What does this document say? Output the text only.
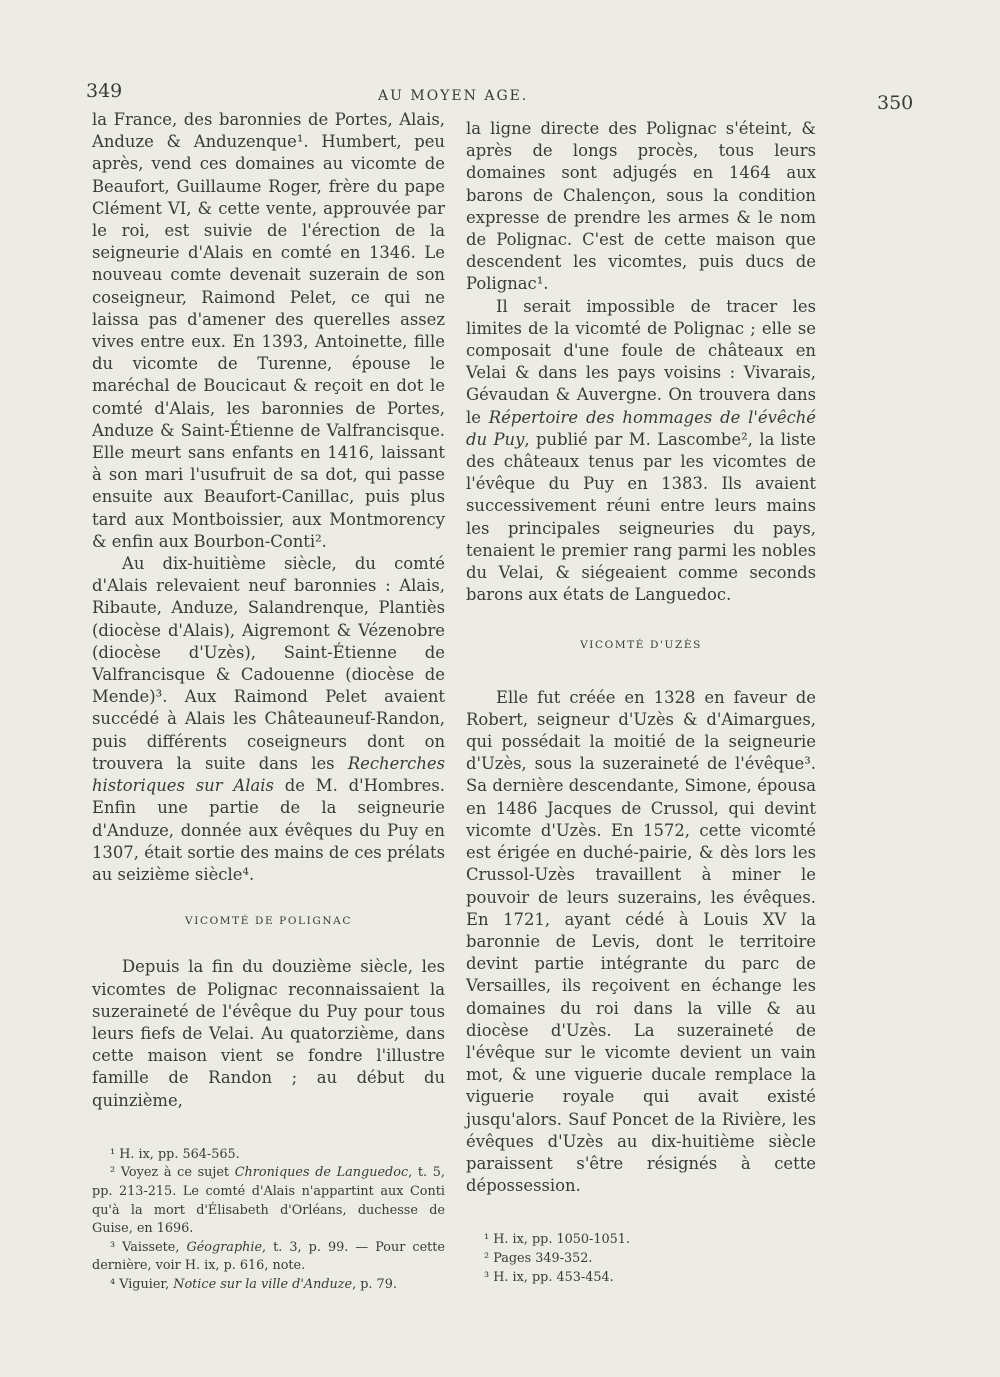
349	AU MOYEN AGE.	350

la France, des baronnies de Portes, Alais, Anduze & Anduzenque¹. Humbert, peu après, vend ces domaines au vicomte de Beaufort, Guillaume Roger, frère du pape Clément VI, & cette vente, approuvée par le roi, est suivie de l'érection de la seigneurie d'Alais en comté en 1346. Le nouveau comte devenait suzerain de son coseigneur, Raimond Pelet, ce qui ne laissa pas d'amener des querelles assez vives entre eux. En 1393, Antoinette, fille du vicomte de Turenne, épouse le maréchal de Boucicaut & reçoit en dot le comté d'Alais, les baronnies de Portes, Anduze & Saint-Étienne de Valfrancisque. Elle meurt sans enfants en 1416, laissant à son mari l'usufruit de sa dot, qui passe ensuite aux Beaufort-Canillac, puis plus tard aux Montboissier, aux Montmorency & enfin aux Bourbon-Conti².

Au dix-huitième siècle, du comté d'Alais relevaient neuf baronnies : Alais, Ribaute, Anduze, Salandrenque, Plantiès (diocèse d'Alais), Aigremont & Vézenobre (diocèse d'Uzès), Saint-Étienne de Valfrancisque & Cadouenne (diocèse de Mende)³. Aux Raimond Pelet avaient succédé à Alais les Châteauneuf-Randon, puis différents coseigneurs dont on trouvera la suite dans les Recherches historiques sur Alais de M. d'Hombres. Enfin une partie de la seigneurie d'Anduze, donnée aux évêques du Puy en 1307, était sortie des mains de ces prélats au seizième siècle⁴.

VICOMTÉ DE POLIGNAC

Depuis la fin du douzième siècle, les vicomtes de Polignac reconnaissaient la suzeraineté de l'évêque du Puy pour tous leurs fiefs de Velai. Au quatorzième, dans cette maison vient se fondre l'illustre famille de Randon ; au début du quinzième,

¹ H. ix, pp. 564-565.

² Voyez à ce sujet Chroniques de Languedoc, t. 5, pp. 213-215. Le comté d'Alais n'appartint aux Conti qu'à la mort d'Élisabeth d'Orléans, duchesse de Guise, en 1696.

³ Vaissete, Géographie, t. 3, p. 99. — Pour cette dernière, voir H. ix, p. 616, note.

⁴ Viguier, Notice sur la ville d'Anduze, p. 79.

la ligne directe des Polignac s'éteint, & après de longs procès, tous leurs domaines sont adjugés en 1464 aux barons de Chalençon, sous la condition expresse de prendre les armes & le nom de Polignac. C'est de cette maison que descendent les vicomtes, puis ducs de Polignac¹.

Il serait impossible de tracer les limites de la vicomté de Polignac ; elle se composait d'une foule de châteaux en Velai & dans les pays voisins : Vivarais, Gévaudan & Auvergne. On trouvera dans le Répertoire des hommages de l'évêché du Puy, publié par M. Lascombe², la liste des châteaux tenus par les vicomtes de l'évêque du Puy en 1383. Ils avaient successivement réuni entre leurs mains les principales seigneuries du pays, tenaient le premier rang parmi les nobles du Velai, & siégeaient comme seconds barons aux états de Languedoc.

VICOMTÉ D'UZÈS

Elle fut créée en 1328 en faveur de Robert, seigneur d'Uzès & d'Aimargues, qui possédait la moitié de la seigneurie d'Uzès, sous la suzeraineté de l'évêque³. Sa dernière descendante, Simone, épousa en 1486 Jacques de Crussol, qui devint vicomte d'Uzès. En 1572, cette vicomté est érigée en duché-pairie, & dès lors les Crussol-Uzès travaillent à miner le pouvoir de leurs suzerains, les évêques. En 1721, ayant cédé à Louis XV la baronnie de Levis, dont le territoire devint partie intégrante du parc de Versailles, ils reçoivent en échange les domaines du roi dans la ville & au diocèse d'Uzès. La suzeraineté de l'évêque sur le vicomte devient un vain mot, & une viguerie ducale remplace la viguerie royale qui avait existé jusqu'alors. Sauf Poncet de la Rivière, les évêques d'Uzès au dix-huitième siècle paraissent s'être résignés à cette dépossession.

¹ H. ix, pp. 1050-1051.

² Pages 349-352.

³ H. ix, pp. 453-454.
